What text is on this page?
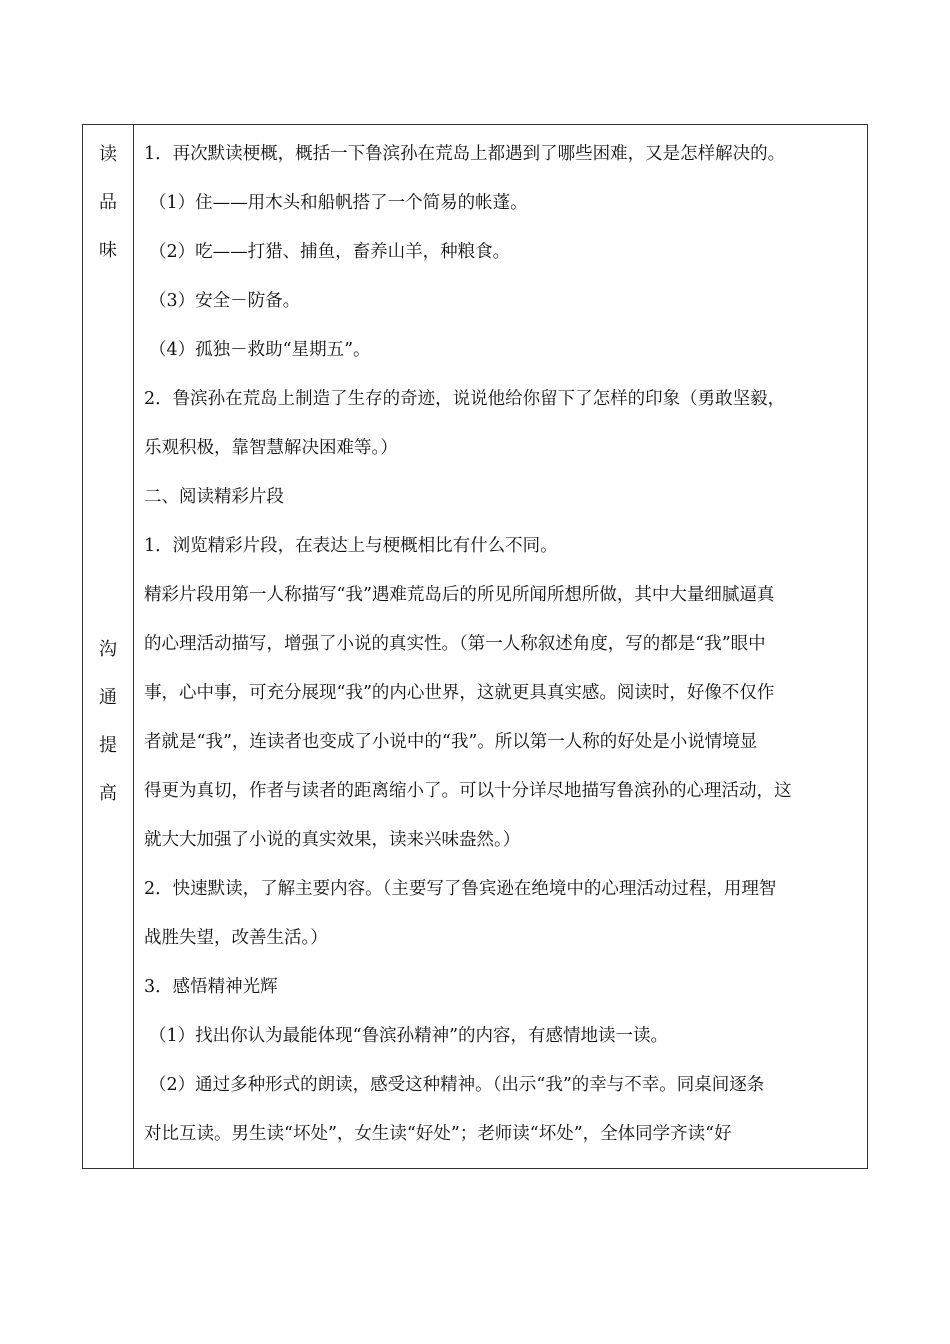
读
品
味
沟
通
提
高

1．再次默读梗概，概括一下鲁滨孙在荒岛上都遇到了哪些困难，又是怎样解决的。

（1）住——用木头和船帆搭了一个简易的帐蓬。

（2）吃——打猎、捕鱼，畜养山羊，种粮食。

（3）安全－防备。

（4）孤独－救助“星期五”。

2．鲁滨孙在荒岛上制造了生存的奇迹，说说他给你留下了怎样的印象（勇敢坚毅，

乐观积极，靠智慧解决困难等。）

二、阅读精彩片段

1．浏览精彩片段，在表达上与梗概相比有什么不同。

精彩片段用第一人称描写“我”遇难荒岛后的所见所闻所想所做，其中大量细腻逼真

的心理活动描写，增强了小说的真实性。（第一人称叙述角度，写的都是“我”眼中

事，心中事，可充分展现“我”的内心世界，这就更具真实感。阅读时，好像不仅作

者就是“我”，连读者也变成了小说中的“我”。所以第一人称的好处是小说情境显

得更为真切，作者与读者的距离缩小了。可以十分详尽地描写鲁滨孙的心理活动，这

就大大加强了小说的真实效果，读来兴味盎然。）

2．快速默读，了解主要内容。（主要写了鲁宾逊在绝境中的心理活动过程，用理智

战胜失望，改善生活。）

3．感悟精神光辉

（1）找出你认为最能体现“鲁滨孙精神”的内容，有感情地读一读。

（2）通过多种形式的朗读，感受这种精神。（出示“我”的幸与不幸。同桌间逐条

对比互读。男生读“坏处”，女生读“好处”；老师读“坏处”，全体同学齐读“好
